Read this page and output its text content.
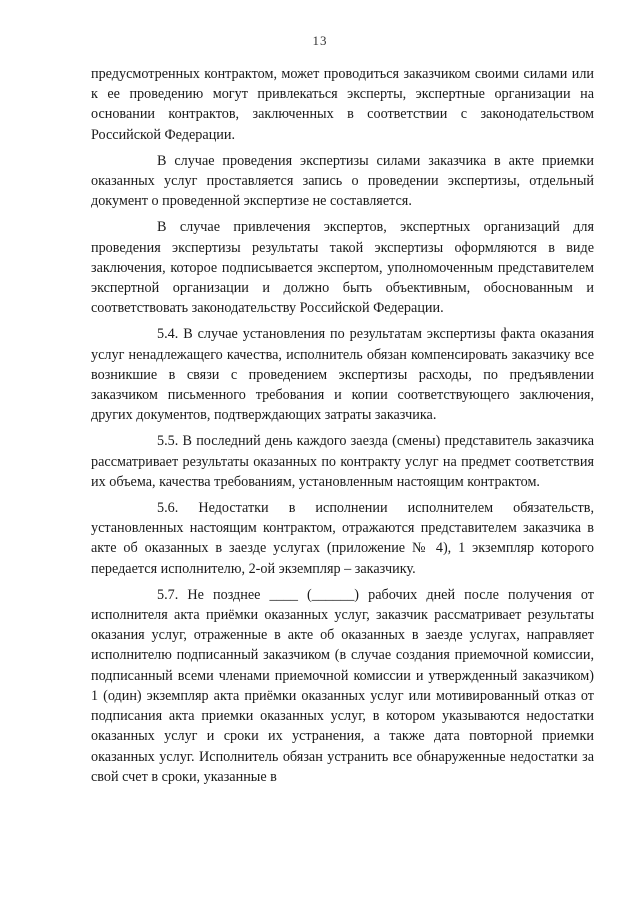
13

предусмотренных контрактом, может проводиться заказчиком своими силами или к ее проведению могут привлекаться эксперты, экспертные организации на основании контрактов, заключенных в соответствии с законодательством Российской Федерации.

В случае проведения экспертизы силами заказчика в акте приемки оказанных услуг проставляется запись о проведении экспертизы, отдельный документ о проведенной экспертизе не составляется.

В случае привлечения экспертов, экспертных организаций для проведения экспертизы результаты такой экспертизы оформляются в виде заключения, которое подписывается экспертом, уполномоченным представителем экспертной организации и должно быть объективным, обоснованным и соответствовать законодательству Российской Федерации.

5.4. В случае установления по результатам экспертизы факта оказания услуг ненадлежащего качества, исполнитель обязан компенсировать заказчику все возникшие в связи с проведением экспертизы расходы, по предъявлении заказчиком письменного требования и копии соответствующего заключения, других документов, подтверждающих затраты заказчика.

5.5. В последний день каждого заезда (смены) представитель заказчика рассматривает результаты оказанных по контракту услуг на предмет соответствия их объема, качества требованиям, установленным настоящим контрактом.

5.6. Недостатки в исполнении исполнителем обязательств, установленных настоящим контрактом, отражаются представителем заказчика в акте об оказанных в заезде услугах (приложение № 4), 1 экземпляр которого передается исполнителю, 2-ой экземпляр – заказчику.

5.7. Не позднее ____ (______) рабочих дней после получения от исполнителя акта приёмки оказанных услуг, заказчик рассматривает результаты оказания услуг, отраженные в акте об оказанных в заезде услугах, направляет исполнителю подписанный заказчиком (в случае создания приемочной комиссии, подписанный всеми членами приемочной комиссии и утвержденный заказчиком) 1 (один) экземпляр акта приёмки оказанных услуг или мотивированный отказ от подписания акта приемки оказанных услуг, в котором указываются недостатки оказанных услуг и сроки их устранения, а также дата повторной приемки оказанных услуг. Исполнитель обязан устранить все обнаруженные недостатки за свой счет в сроки, указанные в
